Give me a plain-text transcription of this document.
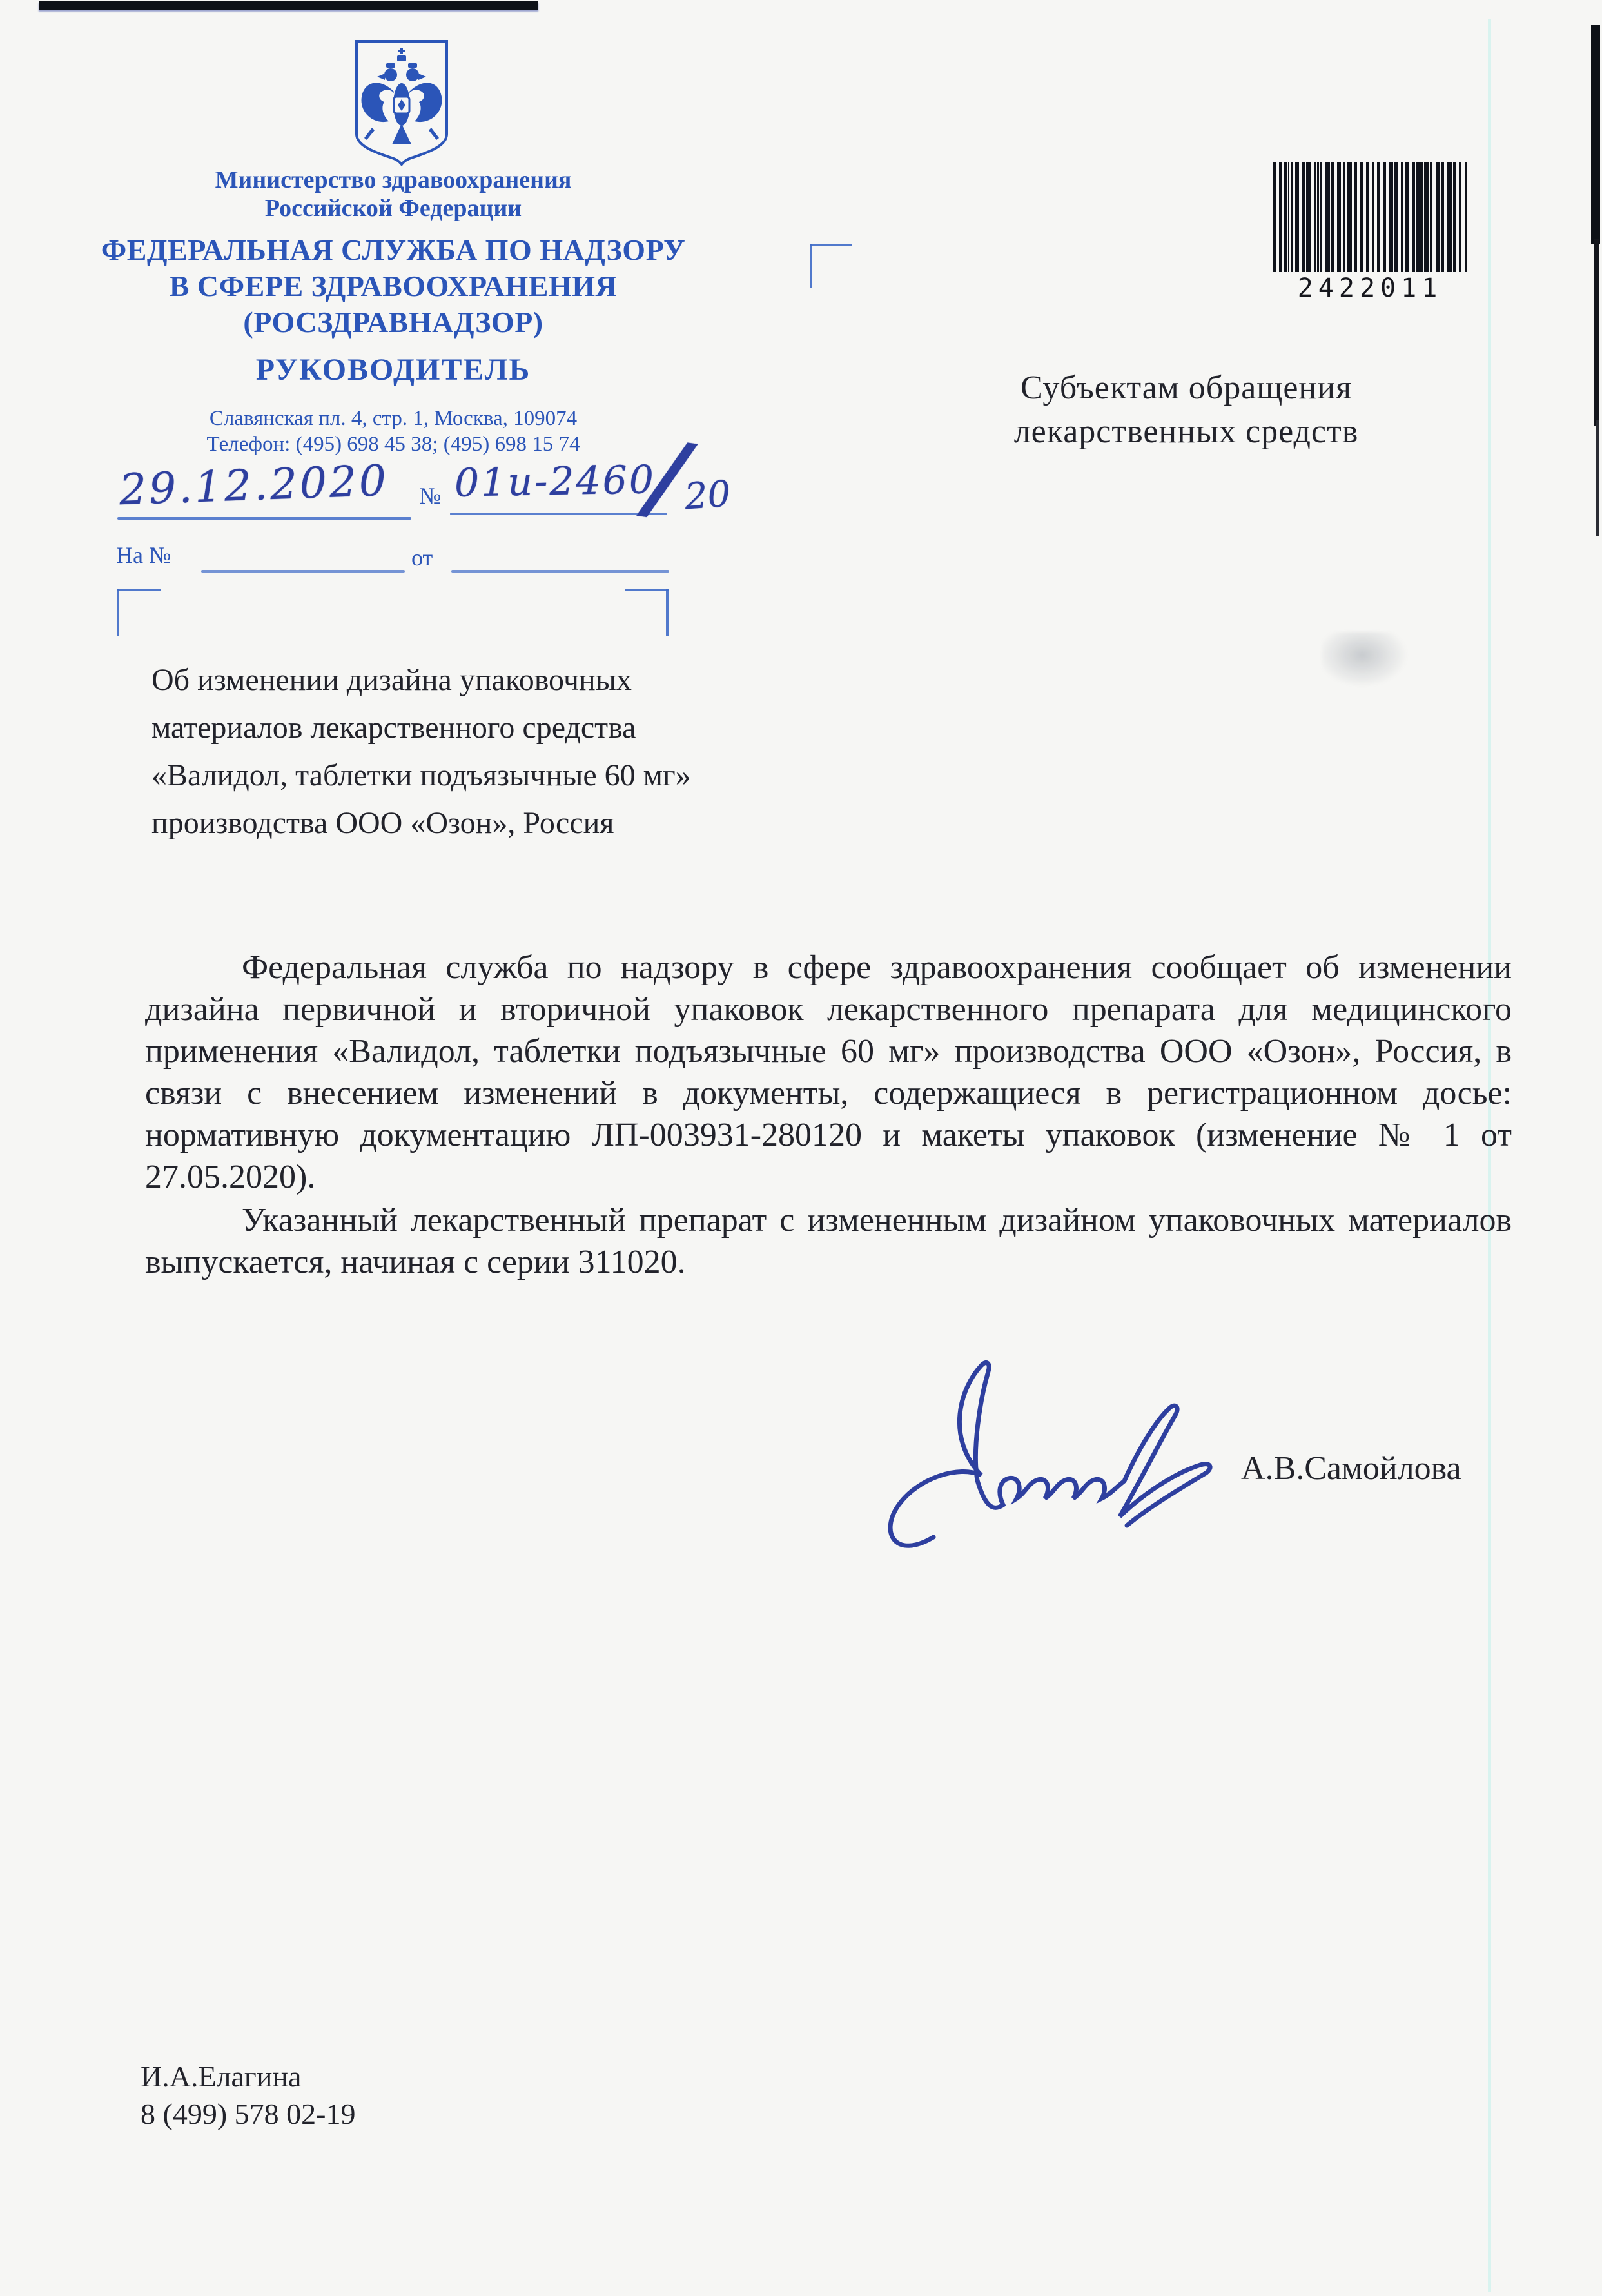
Министерство здравоохранения
Российской Федерации
ФЕДЕРАЛЬНАЯ СЛУЖБА ПО НАДЗОРУ
В СФЕРЕ ЗДРАВООХРАНЕНИЯ
(РОСЗДРАВНАДЗОР)
РУКОВОДИТЕЛЬ
Славянская пл. 4, стр. 1, Москва, 109074
Телефон: (495) 698 45 38; (495) 698 15 74
29.12.2020 № 01и-2460
/
20
На №	от
2422011
Субъектам обращения
лекарственных средств
Об изменении дизайна упаковочных
материалов лекарственного средства
«Валидол, таблетки подъязычные 60 мг»
производства ООО «Озон», Россия

Федеральная служба по надзору в сфере здравоохранения сообщает об изменении дизайна первичной и вторичной упаковок лекарственного препарата для медицинского применения «Валидол, таблетки подъязычные 60 мг» производства ООО «Озон», Россия, в связи с внесением изменений в документы, содержащиеся в регистрационном досье: нормативную документацию ЛП-003931-280120 и макеты упаковок (изменение № 1 от 27.05.2020).

Указанный лекарственный препарат с измененным дизайном упаковочных материалов выпускается, начиная с серии 311020.

А.В.Самойлова
И.А.Елагина
8 (499) 578 02-19
